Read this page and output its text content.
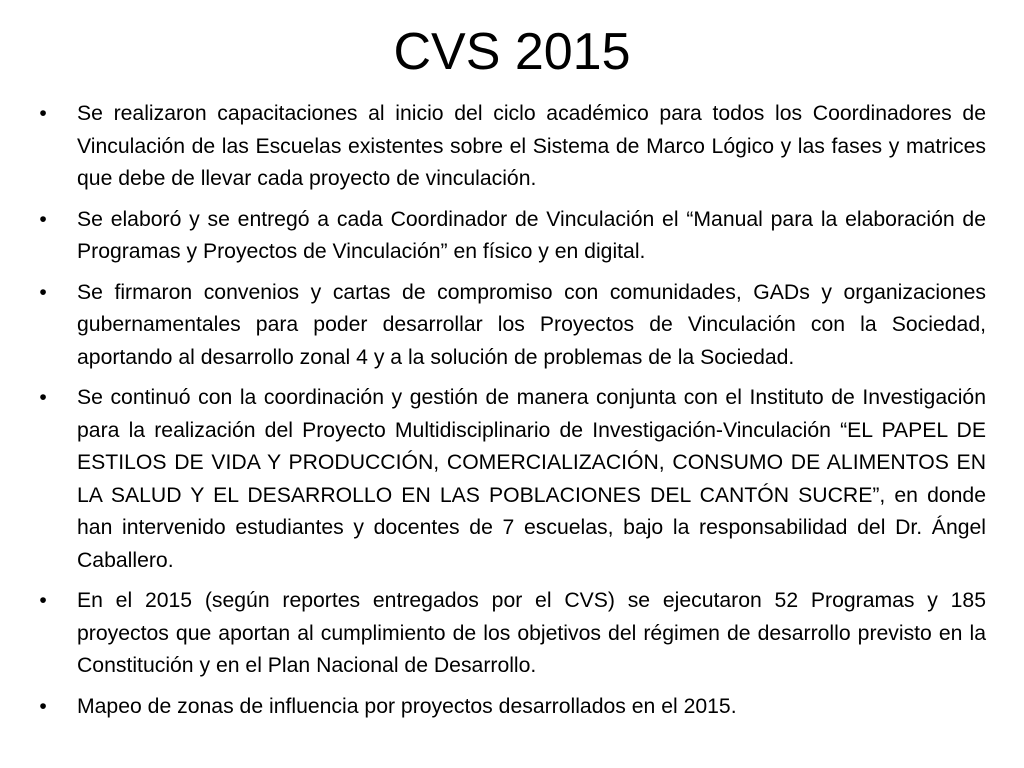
CVS 2015
• Se realizaron capacitaciones al inicio del ciclo académico para todos los Coordinadores de Vinculación de las Escuelas existentes sobre el Sistema de Marco Lógico y las fases y matrices que debe de llevar cada proyecto de vinculación.
• Se elaboró y se entregó a cada Coordinador de Vinculación el “Manual para la elaboración de Programas y Proyectos de Vinculación” en físico y en digital.
• Se firmaron convenios y cartas de compromiso con comunidades, GADs y organizaciones gubernamentales para poder desarrollar los Proyectos de Vinculación con la Sociedad, aportando al desarrollo zonal 4 y a la solución de problemas de la Sociedad.
• Se continuó con la coordinación y gestión de manera conjunta con el Instituto de Investigación para la realización del Proyecto Multidisciplinario de Investigación-Vinculación “EL PAPEL DE ESTILOS DE VIDA Y PRODUCCIÓN, COMERCIALIZACIÓN, CONSUMO DE ALIMENTOS EN LA SALUD Y EL DESARROLLO EN LAS POBLACIONES DEL CANTÓN SUCRE”, en donde han intervenido estudiantes y docentes de 7 escuelas, bajo la responsabilidad del Dr. Ángel Caballero.
• En el 2015 (según reportes entregados por el CVS) se ejecutaron 52 Programas y 185 proyectos que aportan al cumplimiento de los objetivos del régimen de desarrollo previsto en la Constitución y en el Plan Nacional de Desarrollo.
• Mapeo de zonas de influencia por proyectos desarrollados en el 2015.
